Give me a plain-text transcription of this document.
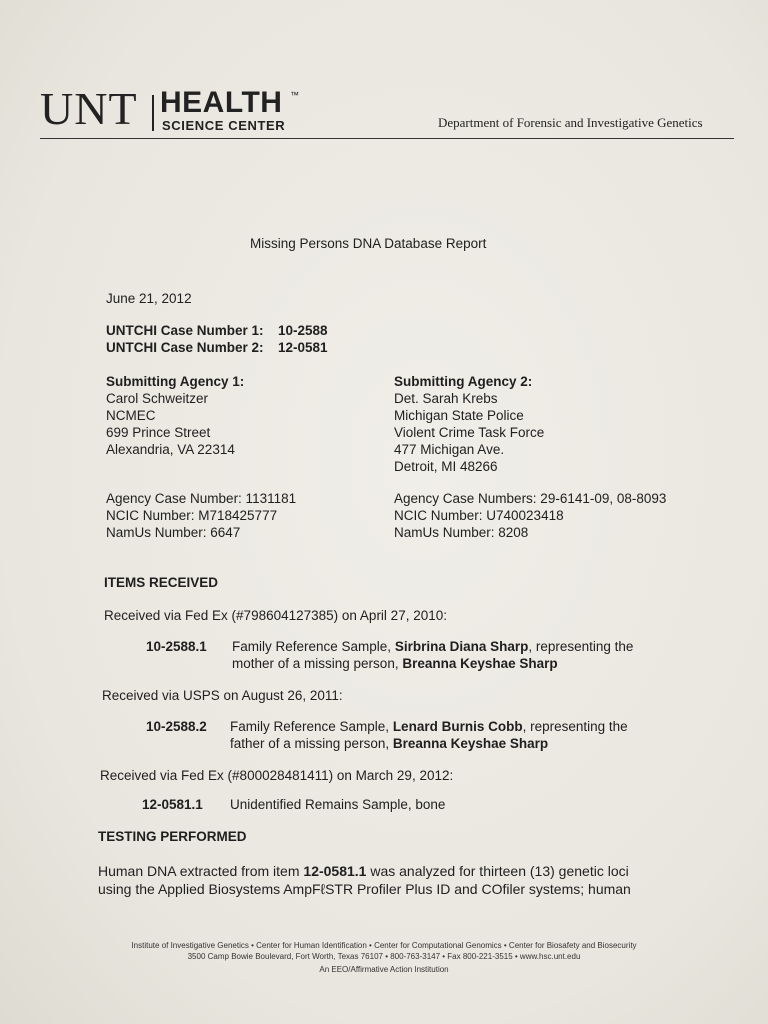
UNT HEALTH ™
SCIENCE CENTER	Department of Forensic and Investigative Genetics
Missing Persons DNA Database Report
June 21, 2012
UNTCHI Case Number 1: 10-2588
UNTCHI Case Number 2: 12-0581
Submitting Agency 1:
Carol Schweitzer
NCMEC
699 Prince Street
Alexandria, VA 22314
Agency Case Number: 1131181
NCIC Number: M718425777
NamUs Number: 6647
Submitting Agency 2:
Det. Sarah Krebs
Michigan State Police
Violent Crime Task Force
477 Michigan Ave.
Detroit, MI 48266
Agency Case Numbers: 29-6141-09, 08-8093
NCIC Number: U740023418
NamUs Number: 8208
ITEMS RECEIVED
Received via Fed Ex (#798604127385) on April 27, 2010:
10-2588.1 Family Reference Sample, Sirbrina Diana Sharp, representing the
mother of a missing person, Breanna Keyshae Sharp
Received via USPS on August 26, 2011:
10-2588.2 Family Reference Sample, Lenard Burnis Cobb, representing the
father of a missing person, Breanna Keyshae Sharp
Received via Fed Ex (#800028481411) on March 29, 2012:
12-0581.1 Unidentified Remains Sample, bone
TESTING PERFORMED
Human DNA extracted from item 12-0581.1 was analyzed for thirteen (13) genetic loci
using the Applied Biosystems AmpFℓSTR Profiler Plus ID and COfiler systems; human
Institute of Investigative Genetics • Center for Human Identification • Center for Computational Genomics • Center for Biosafety and Biosecurity
3500 Camp Bowie Boulevard, Fort Worth, Texas 76107 • 800-763-3147 • Fax 800-221-3515 • www.hsc.unt.edu
An EEO/Affirmative Action Institution
